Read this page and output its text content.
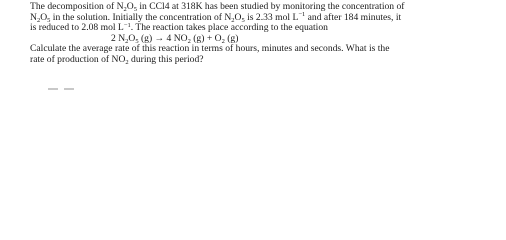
The decomposition of $N_2O_5$ in CCl4 at 318K has been studied by monitoring the concentration of
$N_2O_5$ in the solution. Initially the concentration of $N_2O_5$ is 2.33 mol $L^{-1}$ and after 184 minutes, it
is reduced to 2.08 mol $L^{-1}$. The reaction takes place according to the equation
2 $N_2O_5$ (g) → 4 $NO_2$ $(g) + O_2$ (g)
Calculate the average rate of this reaction in terms of hours, minutes and seconds. What is the
rate of production of $NO_2$ during this period?
